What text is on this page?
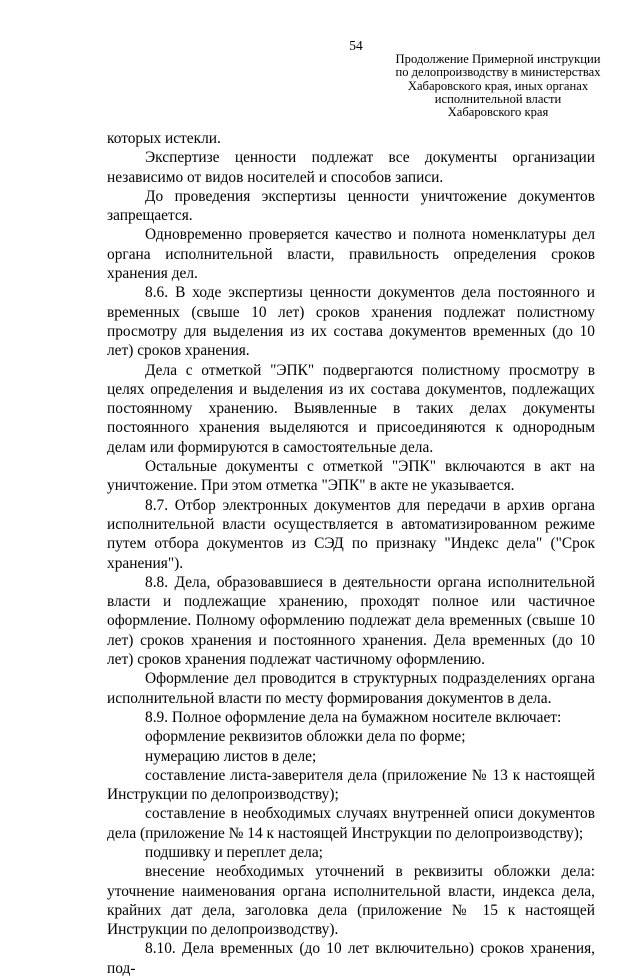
54
Продолжение Примерной инструкции
по делопроизводству в министерствах
Хабаровского края, иных органах
исполнительной власти
Хабаровского края

которых истекли.

Экспертизе ценности подлежат все документы организации независимо от видов носителей и способов записи.

До проведения экспертизы ценности уничтожение документов запрещается.

Одновременно проверяется качество и полнота номенклатуры дел органа исполнительной власти, правильность определения сроков хранения дел.

8.6. В ходе экспертизы ценности документов дела постоянного и временных (свыше 10 лет) сроков хранения подлежат полистному просмотру для выделения из их состава документов временных (до 10 лет) сроков хранения.

Дела с отметкой "ЭПК" подвергаются полистному просмотру в целях определения и выделения из их состава документов, подлежащих постоянному хранению. Выявленные в таких делах документы постоянного хранения выделяются и присоединяются к однородным делам или формируются в самостоятельные дела.

Остальные документы с отметкой "ЭПК" включаются в акт на уничтожение. При этом отметка "ЭПК" в акте не указывается.

8.7. Отбор электронных документов для передачи в архив органа исполнительной власти осуществляется в автоматизированном режиме путем отбора документов из СЭД по признаку "Индекс дела" ("Срок хранения").

8.8. Дела, образовавшиеся в деятельности органа исполнительной власти и подлежащие хранению, проходят полное или частичное оформление. Полному оформлению подлежат дела временных (свыше 10 лет) сроков хранения и постоянного хранения. Дела временных (до 10 лет) сроков хранения подлежат частичному оформлению.

Оформление дел проводится в структурных подразделениях органа исполнительной власти по месту формирования документов в дела.

8.9. Полное оформление дела на бумажном носителе включает:

оформление реквизитов обложки дела по форме;

нумерацию листов в деле;

составление листа-заверителя дела (приложение № 13 к настоящей Инструкции по делопроизводству);

составление в необходимых случаях внутренней описи документов дела (приложение № 14 к настоящей Инструкции по делопроизводству);

подшивку и переплет дела;

внесение необходимых уточнений в реквизиты обложки дела: уточнение наименования органа исполнительной власти, индекса дела, крайних дат дела, заголовка дела (приложение № 15 к настоящей Инструкции по делопроизводству).

8.10. Дела временных (до 10 лет включительно) сроков хранения, под-
